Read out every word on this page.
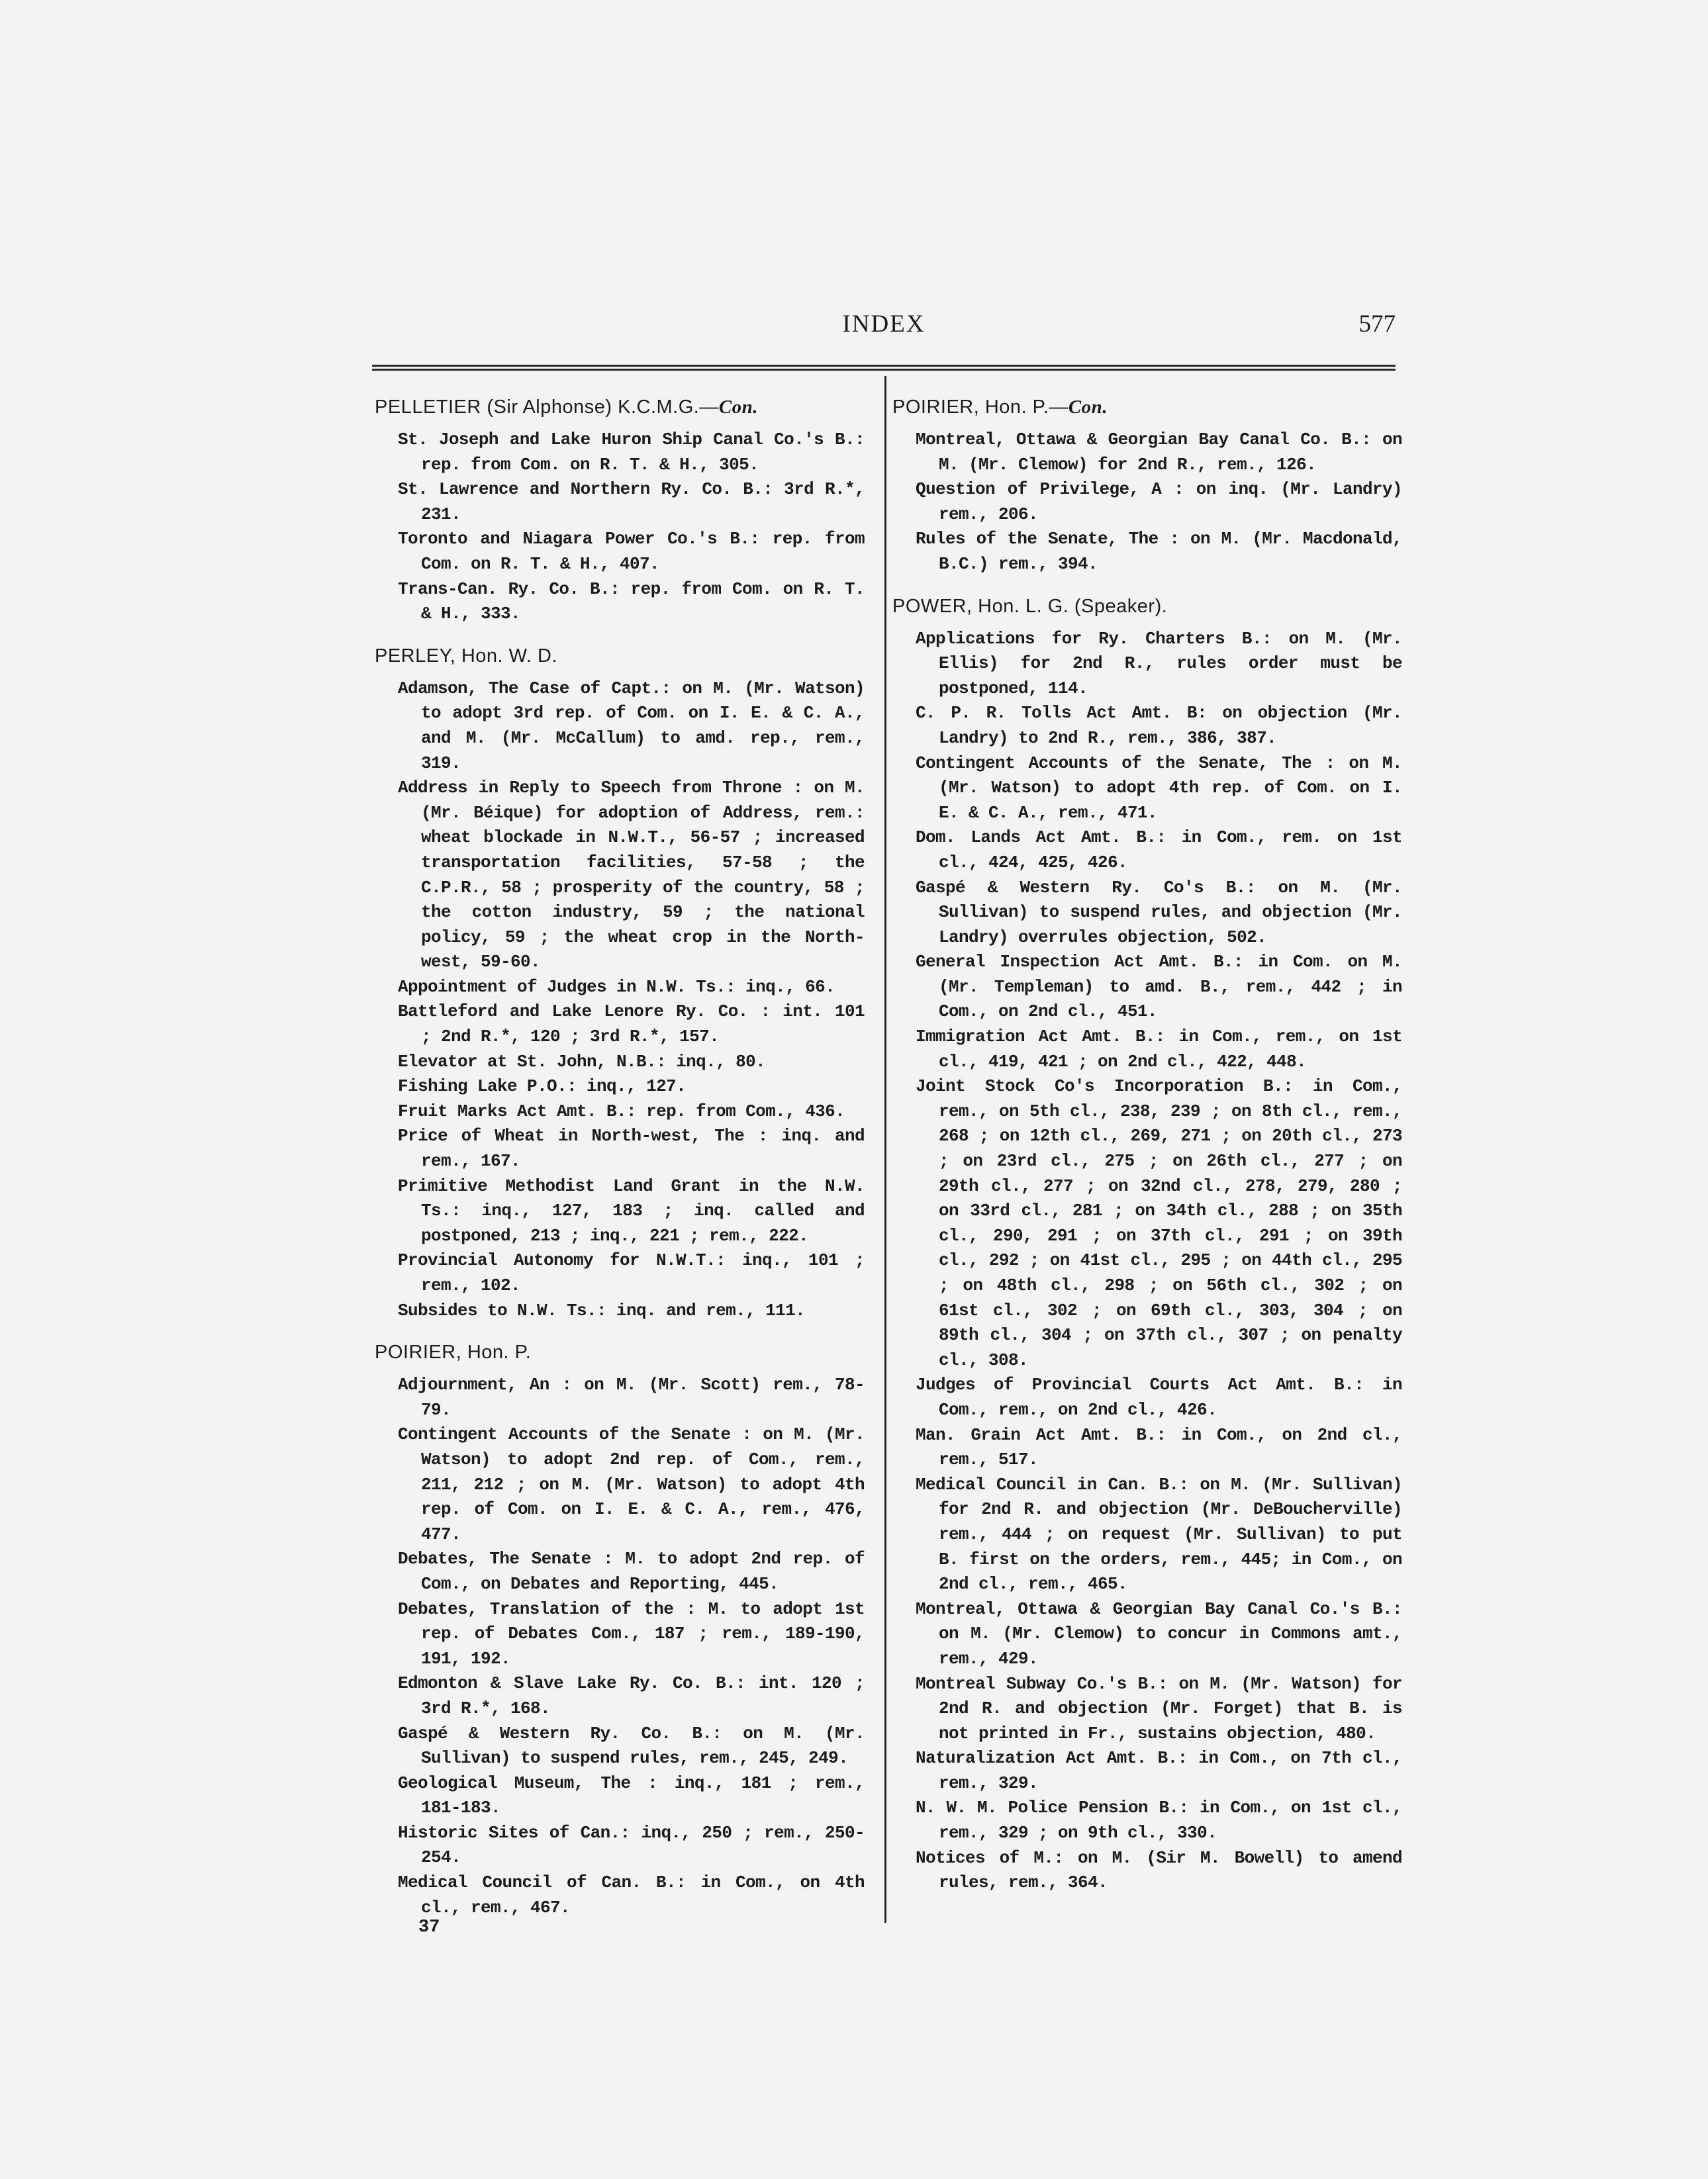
INDEX	577
PELLETIER (Sir Alphonse) K.C.M.G.—Con.

St. Joseph and Lake Huron Ship Canal Co.'s B.: rep. from Com. on R. T. & H., 305.

St. Lawrence and Northern Ry. Co. B.: 3rd R.*, 231.

Toronto and Niagara Power Co.'s B.: rep. from Com. on R. T. & H., 407.

Trans-Can. Ry. Co. B.: rep. from Com. on R. T. & H., 333.

PERLEY, Hon. W. D.

Adamson, The Case of Capt.: on M. (Mr. Watson) to adopt 3rd rep. of Com. on I. E. & C. A., and M. (Mr. McCallum) to amd. rep., rem., 319.

Address in Reply to Speech from Throne : on M. (Mr. Béique) for adoption of Address, rem.: wheat blockade in N.W.T., 56-57 ; increased transportation facilities, 57-58 ; the C.P.R., 58 ; prosperity of the country, 58 ; the cotton industry, 59 ; the national policy, 59 ; the wheat crop in the North-west, 59-60.

Appointment of Judges in N.W. Ts.: inq., 66.

Battleford and Lake Lenore Ry. Co. : int. 101 ; 2nd R.*, 120 ; 3rd R.*, 157.

Elevator at St. John, N.B.: inq., 80.

Fishing Lake P.O.: inq., 127.

Fruit Marks Act Amt. B.: rep. from Com., 436.

Price of Wheat in North-west, The : inq. and rem., 167.

Primitive Methodist Land Grant in the N.W. Ts.: inq., 127, 183 ; inq. called and postponed, 213 ; inq., 221 ; rem., 222.

Provincial Autonomy for N.W.T.: inq., 101 ; rem., 102.

Subsides to N.W. Ts.: inq. and rem., 111.

POIRIER, Hon. P.

Adjournment, An : on M. (Mr. Scott) rem., 78-79.

Contingent Accounts of the Senate : on M. (Mr. Watson) to adopt 2nd rep. of Com., rem., 211, 212 ; on M. (Mr. Watson) to adopt 4th rep. of Com. on I. E. & C. A., rem., 476, 477.

Debates, The Senate : M. to adopt 2nd rep. of Com., on Debates and Reporting, 445.

Debates, Translation of the : M. to adopt 1st rep. of Debates Com., 187 ; rem., 189-190, 191, 192.

Edmonton & Slave Lake Ry. Co. B.: int. 120 ; 3rd R.*, 168.

Gaspé & Western Ry. Co. B.: on M. (Mr. Sullivan) to suspend rules, rem., 245, 249.

Geological Museum, The : inq., 181 ; rem., 181-183.

Historic Sites of Can.: inq., 250 ; rem., 250-254.

Medical Council of Can. B.: in Com., on 4th cl., rem., 467.

POIRIER, Hon. P.—Con.

Montreal, Ottawa & Georgian Bay Canal Co. B.: on M. (Mr. Clemow) for 2nd R., rem., 126.

Question of Privilege, A : on inq. (Mr. Landry) rem., 206.

Rules of the Senate, The : on M. (Mr. Macdonald, B.C.) rem., 394.

POWER, Hon. L. G. (Speaker).

Applications for Ry. Charters B.: on M. (Mr. Ellis) for 2nd R., rules order must be postponed, 114.

C. P. R. Tolls Act Amt. B: on objection (Mr. Landry) to 2nd R., rem., 386, 387.

Contingent Accounts of the Senate, The : on M. (Mr. Watson) to adopt 4th rep. of Com. on I. E. & C. A., rem., 471.

Dom. Lands Act Amt. B.: in Com., rem. on 1st cl., 424, 425, 426.

Gaspé & Western Ry. Co's B.: on M. (Mr. Sullivan) to suspend rules, and objection (Mr. Landry) overrules objection, 502.

General Inspection Act Amt. B.: in Com. on M. (Mr. Templeman) to amd. B., rem., 442 ; in Com., on 2nd cl., 451.

Immigration Act Amt. B.: in Com., rem., on 1st cl., 419, 421 ; on 2nd cl., 422, 448.

Joint Stock Co's Incorporation B.: in Com., rem., on 5th cl., 238, 239 ; on 8th cl., rem., 268 ; on 12th cl., 269, 271 ; on 20th cl., 273 ; on 23rd cl., 275 ; on 26th cl., 277 ; on 29th cl., 277 ; on 32nd cl., 278, 279, 280 ; on 33rd cl., 281 ; on 34th cl., 288 ; on 35th cl., 290, 291 ; on 37th cl., 291 ; on 39th cl., 292 ; on 41st cl., 295 ; on 44th cl., 295 ; on 48th cl., 298 ; on 56th cl., 302 ; on 61st cl., 302 ; on 69th cl., 303, 304 ; on 89th cl., 304 ; on 37th cl., 307 ; on penalty cl., 308.

Judges of Provincial Courts Act Amt. B.: in Com., rem., on 2nd cl., 426.

Man. Grain Act Amt. B.: in Com., on 2nd cl., rem., 517.

Medical Council in Can. B.: on M. (Mr. Sullivan) for 2nd R. and objection (Mr. DeBoucherville) rem., 444 ; on request (Mr. Sullivan) to put B. first on the orders, rem., 445; in Com., on 2nd cl., rem., 465.

Montreal, Ottawa & Georgian Bay Canal Co.'s B.: on M. (Mr. Clemow) to concur in Commons amt., rem., 429.

Montreal Subway Co.'s B.: on M. (Mr. Watson) for 2nd R. and objection (Mr. Forget) that B. is not printed in Fr., sustains objection, 480.

Naturalization Act Amt. B.: in Com., on 7th cl., rem., 329.

N. W. M. Police Pension B.: in Com., on 1st cl., rem., 329 ; on 9th cl., 330.

Notices of M.: on M. (Sir M. Bowell) to amend rules, rem., 364.

37
